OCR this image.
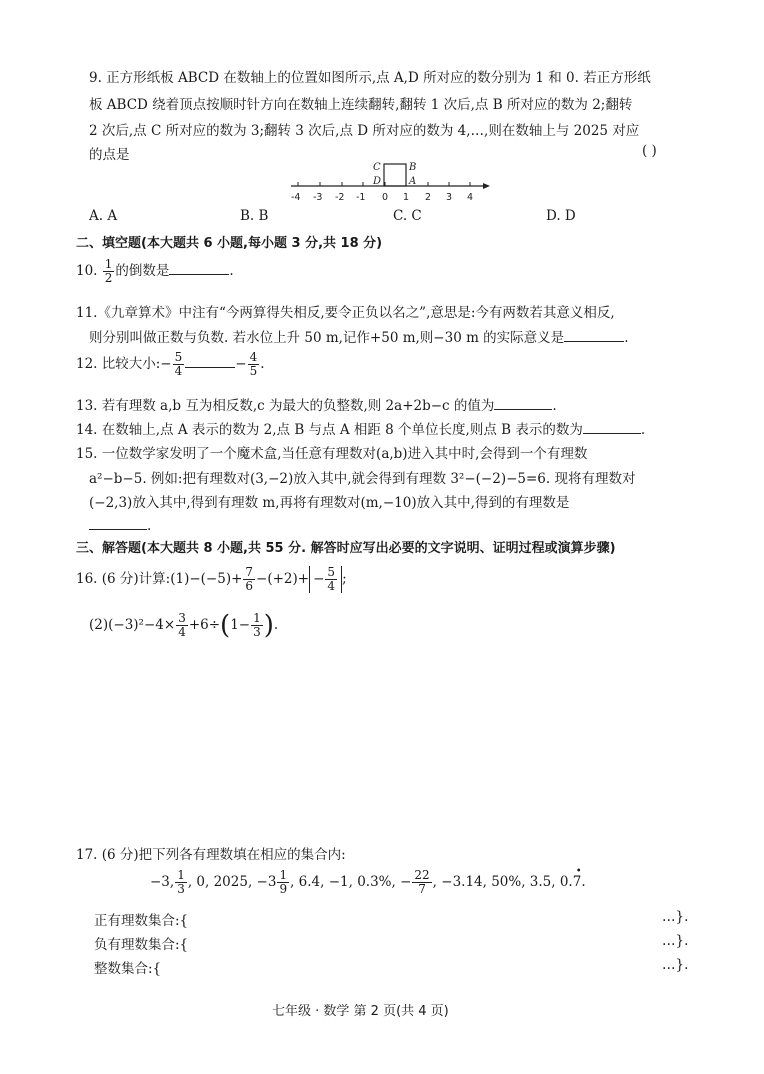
9. 正方形纸板 ABCD 在数轴上的位置如图所示,点 A,D 所对应的数分别为 1 和 0. 若正方形纸
板 ABCD 绕着顶点按顺时针方向在数轴上连续翻转,翻转 1 次后,点 B 所对应的数为 2;翻转
2 次后,点 C 所对应的数为 3;翻转 3 次后,点 D 所对应的数为 4,…,则在数轴上与 2025 对应
的点是	( )
C	B
D	A
-4 -3 -2 -1 0 1 2 3 4
A. A	B. B	C. C	D. D
二、填空题(本大题共 6 小题,每小题 3 分,共 18 分)
10. $\frac{1}{2}$ 的倒数是	.
11.《九章算术》中注有“今两算得失相反,要令正负以名之”,意思是:今有两数若其意义相反,
则分别叫做正数与负数. 若水位上升 50 m,记作+50 m,则−30 m 的实际意义是	.
12. 比较大小:− $\frac{5}{4}$	− $\frac{4}{5}$ .
13. 若有理数 a,b 互为相反数,c 为最大的负整数,则 2a+2b−c 的值为	.
14. 在数轴上,点 A 表示的数为 2,点 B 与点 A 相距 8 个单位长度,则点 B 表示的数为	.
15. 一位数学家发明了一个魔术盒,当任意有理数对(a,b)进入其中时,会得到一个有理数
a²−b−5. 例如:把有理数对(3,−2)放入其中,就会得到有理数 3²−(−2)−5=6. 现将有理数对
(−2,3)放入其中,得到有理数 m,再将有理数对(m,−10)放入其中,得到的有理数是
.
三、解答题(本大题共 8 小题,共 55 分. 解答时应写出必要的文字说明、证明过程或演算步骤)
16. (6 分)计算:(1)−(−5)+ $\frac{7}{6} -(+2)+ - \frac{5}{4}$ ;
$(2)(-3)^2-4\times \frac{3}{4} +6\div(1- \frac{1}{3}$ ).
17. (6 分)把下列各有理数填在相应的集合内:
−3, $\frac{1}{3}$ , 0, 2025, $-3 \frac{1}{9}$ , 6.4, −1, 0.3%, − $\frac{22}{7}$ , −3.14, 50%, 3.5, 0.7
•
.
正有理数集合:{	…}.
负有理数集合:{	…}.
整数集合:{	…}.
七年级 · 数学 第 2 页(共 4 页)
